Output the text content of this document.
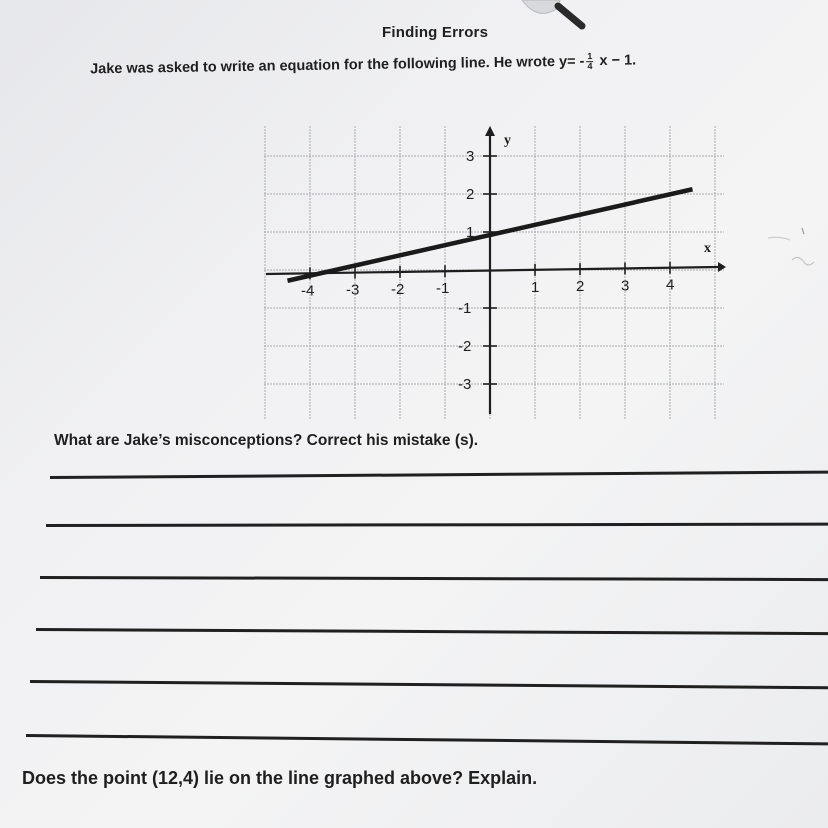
Finding Errors
Jake was asked to write an equation for the following line. He wrote $y= - \frac{1}{4}$ x − 1.
x
y
-4 -3 -2 -1	1 2 3 4
3
2
1
-1
-2
-3
What are Jake’s misconceptions? Correct his mistake (s).
Does the point (12,4) lie on the line graphed above? Explain.
